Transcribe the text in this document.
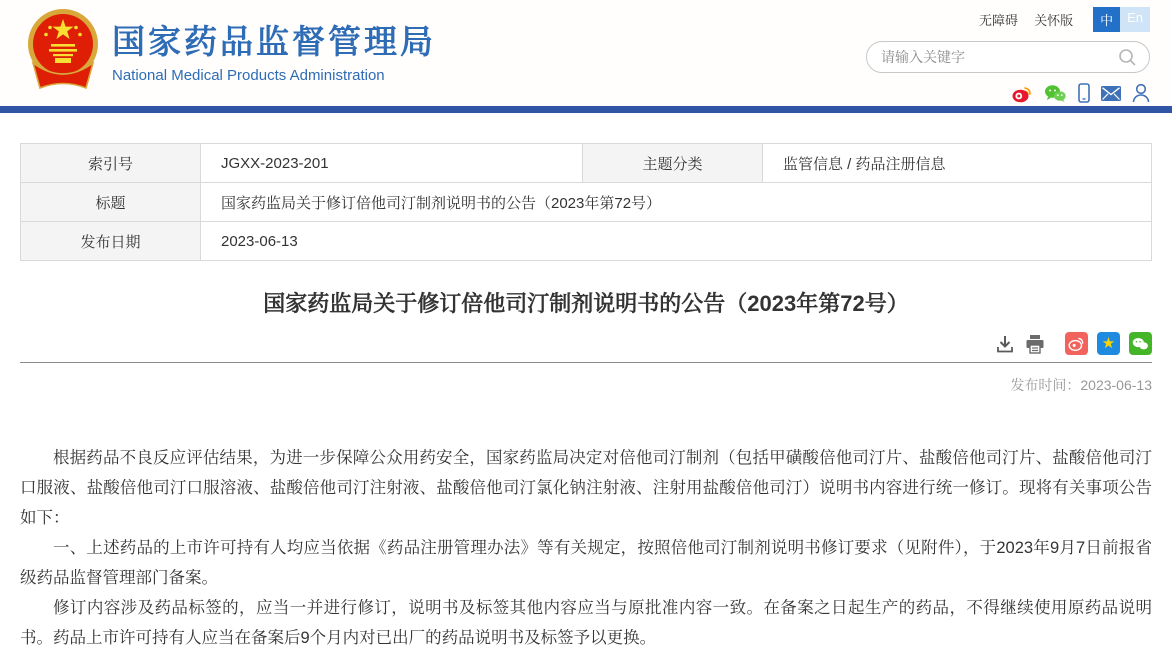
国家药品监督管理局
National Medical Products Administration
无障碍 关怀版	中	En
请输入关键字
索引号	JGXX-2023-201	主题分类	监管信息 / 药品注册信息
标题	国家药监局关于修订倍他司汀制剂说明书的公告（2023年第72号）		
发布日期	2023-06-13		
国家药监局关于修订倍他司汀制剂说明书的公告（2023年第72号）
★
发布时间：2023-06-13

根据药品不良反应评估结果，为进一步保障公众用药安全，国家药监局决定对倍他司汀制剂（包括甲磺酸倍他司汀片、盐酸倍他司汀片、盐酸倍他司汀口服液、盐酸倍他司汀口服溶液、盐酸倍他司汀注射液、盐酸倍他司汀氯化钠注射液、注射用盐酸倍他司汀）说明书内容进行统一修订。现将有关事项公告如下：

一、上述药品的上市许可持有人均应当依据《药品注册管理办法》等有关规定，按照倍他司汀制剂说明书修订要求（见附件），于2023年9月7日前报省级药品监督管理部门备案。

修订内容涉及药品标签的，应当一并进行修订，说明书及标签其他内容应当与原批准内容一致。在备案之日起生产的药品，不得继续使用原药品说明书。药品上市许可持有人应当在备案后9个月内对已出厂的药品说明书及标签予以更换。
